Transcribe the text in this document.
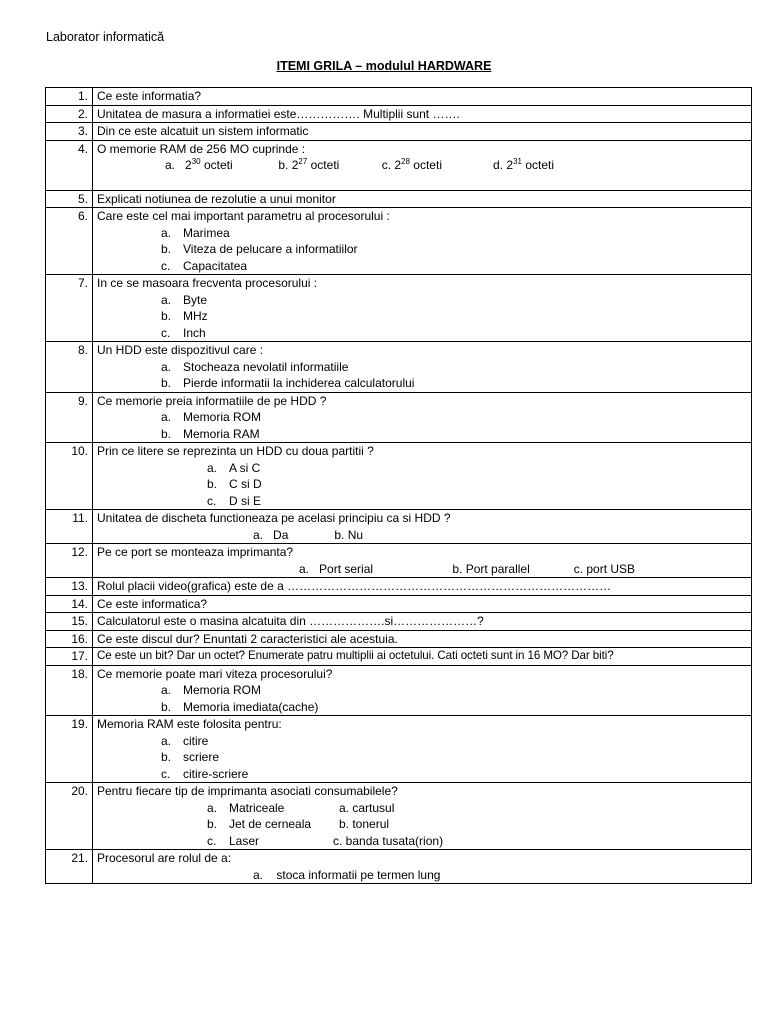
Laborator informatică
ITEMI GRILA – modulul HARDWARE
1.	Ce este informatia?

2.	Unitatea de masura a informatiei este……………. Multiplii sunt …….

3.	Din ce este alcatuit un sistem informatic

4.	O memorie RAM de 256 MO cuprinde :
a. $2^{30}$ octeti b. $2^{27}$ octeti c. $2^{28}$ octeti d. $2^{31}$ octeti

5.	Explicati notiunea de rezolutie a unui monitor

6.	Care este cel mai important parametru al procesorului :
a. Marimea
b. Viteza de pelucare a informatiilor
c. Capacitatea

7.	In ce se masoara frecventa procesorului :
a. Byte
b. MHz
c. Inch

8.	Un HDD este dispozitivul care :
a. Stocheaza nevolatil informatiile
b. Pierde informatii la inchiderea calculatorului

9.	Ce memorie preia informatiile de pe HDD ?
a. Memoria ROM
b. Memoria RAM

10.	Prin ce litere se reprezinta un HDD cu doua partitii ?
a. A si C
b. C si D
c. D si E

11.	Unitatea de discheta functioneaza pe acelasi principiu ca si HDD ?
a. Da b. Nu

12.	Pe ce port se monteaza imprimanta?
a. Port serial b. Port parallel c. port USB

13.	Rolul placii video(grafica) este de a ………………………………………………………………………

14.	Ce este informatica?

15.	Calculatorul este o masina alcatuita din ……………….si…………………?

16.	Ce este discul dur? Enuntati 2 caracteristici ale acestuia.

17.	Ce este un bit? Dar un octet? Enumerate patru multiplii ai octetului. Cati octeti sunt in 16 MO? Dar biti?

18.	Ce memorie poate mari viteza procesorului?
a. Memoria ROM
b. Memoria imediata(cache)

19.	Memoria RAM este folosita pentru:
a. citire
b. scriere
c. citire-scriere

20.	Pentru fiecare tip de imprimanta asociati consumabilele?
a. Matriceale a. cartusul
b. Jet de cerneala b. tonerul
c. Laser c. banda tusata(rion)

21.	Procesorul are rolul de a:
a. stoca informatii pe termen lung
